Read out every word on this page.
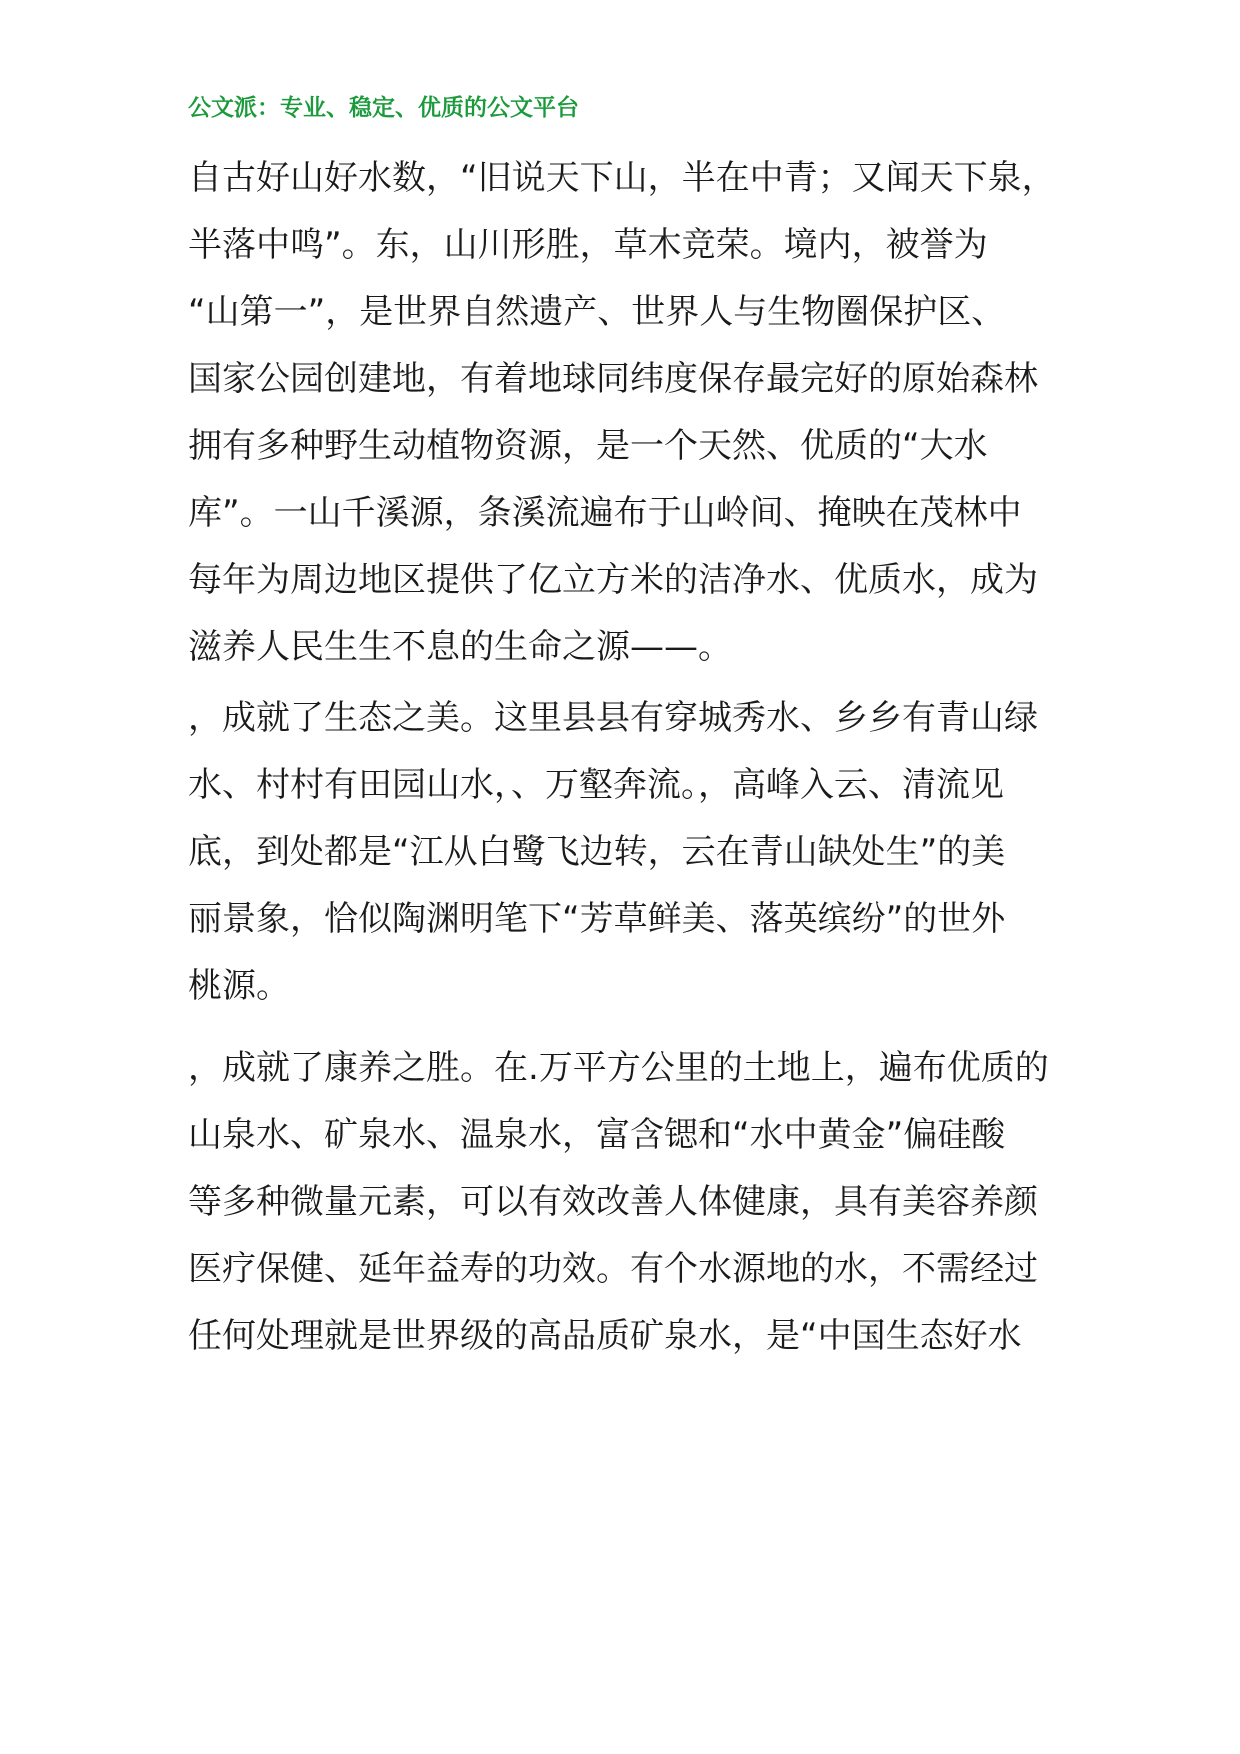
公文派：专业、稳定、优质的公文平台
自古好山好水数，“旧说天下山，半在中青；又闻天下泉，
半落中鸣”。东，山川形胜，草木竞荣。境内，被誉为
“山第一”，是世界自然遗产、世界人与生物圈保护区、
国家公园创建地，有着地球同纬度保存最完好的原始森林
拥有多种野生动植物资源，是一个天然、优质的“大水
库”。一山千溪源，条溪流遍布于山岭间、掩映在茂林中
每年为周边地区提供了亿立方米的洁净水、优质水，成为
滋养人民生生不息的生命之源——。
，成就了生态之美。这里县县有穿城秀水、乡乡有青山绿
水、村村有田园山水，、万壑奔流。，高峰入云、清流见
底，到处都是“江从白鹭飞边转，云在青山缺处生”的美
丽景象，恰似陶渊明笔下“芳草鲜美、落英缤纷”的世外
桃源。
，成就了康养之胜。在.万平方公里的土地上，遍布优质的
山泉水、矿泉水、温泉水，富含锶和“水中黄金”偏硅酸
等多种微量元素，可以有效改善人体健康，具有美容养颜
医疗保健、延年益寿的功效。有个水源地的水，不需经过
任何处理就是世界级的高品质矿泉水，是“中国生态好水
